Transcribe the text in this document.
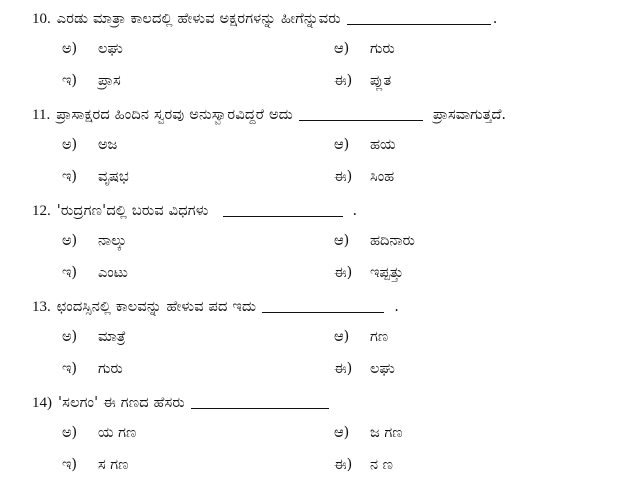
10. ಎರಡು ಮಾತ್ರಾ ಕಾಲದಲ್ಲಿ ಹೇಳುವ ಅಕ್ಷರಗಳನ್ನು ಹೀಗೆನ್ನುವರು	.
ಅ)	ಲಘು	ಆ)	ಗುರು
ಇ)	ಪ್ರಾಸ	ಈ)	ಪ್ಲುತ
11. ಪ್ರಾಸಾಕ್ಷರದ ಹಿಂದಿನ ಸ್ವರವು ಅನುಸ್ವಾರವಿದ್ದರೆ ಅದು	ಪ್ರಾಸವಾಗುತ್ತದೆ.
ಅ)	ಅಜ	ಆ)	ಹಯ
ಇ)	ವೃಷಭ	ಈ)	ಸಿಂಹ
12. 'ರುದ್ರಗಣ'ದಲ್ಲಿ ಬರುವ ವಿಧಗಳು	.
ಅ)	ನಾಲ್ಕು	ಆ)	ಹದಿನಾರು
ಇ)	ಎಂಟು	ಈ)	ಇಪ್ಪತ್ತು
13. ಛಂದಸ್ಸಿನಲ್ಲಿ ಕಾಲವನ್ನು ಹೇಳುವ ಪದ ಇದು	.
ಅ)	ಮಾತ್ರೆ	ಆ)	ಗಣ
ಇ)	ಗುರು	ಈ)	ಲಘು
14) 'ಸಲಗಂ' ಈ ಗಣದ ಹೆಸರು
ಅ)	ಯ ಗಣ	ಆ)	ಜ ಗಣ
ಇ)	ಸ ಗಣ	ಈ)	ನ ಣ
